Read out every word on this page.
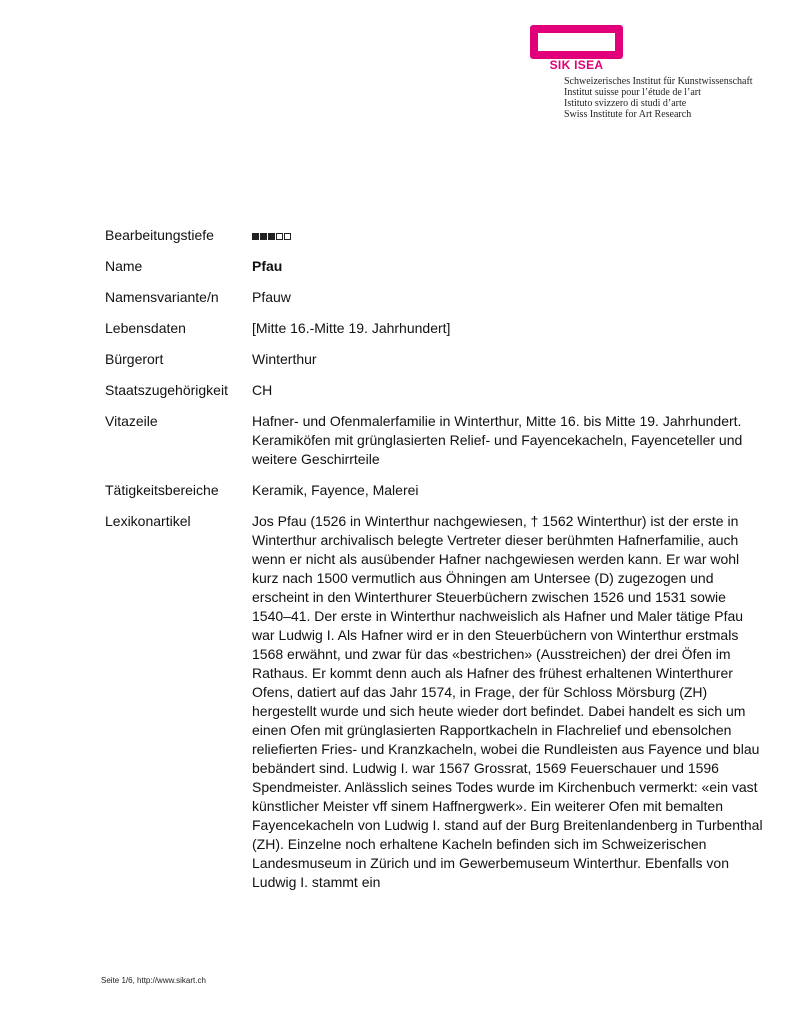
SIK ISEA
Schweizerisches Institut für Kunstwissenschaft
Institut suisse pour l’étude de l’art
Istituto svizzero di studi d’arte
Swiss Institute for Art Research
Bearbeitungstiefe
Name	Pfau
Namensvariante/n	Pfauw
Lebensdaten	[Mitte 16.-Mitte 19. Jahrhundert]
Bürgerort	Winterthur
Staatszugehörigkeit	CH
Vitazeile	Hafner- und Ofenmalerfamilie in Winterthur, Mitte 16. bis Mitte 19. Jahrhundert. Keramiköfen mit grünglasierten Relief- und Fayencekacheln, Fayenceteller und weitere Geschirrteile
Tätigkeitsbereiche	Keramik, Fayence, Malerei
Lexikonartikel	Jos Pfau (1526 in Winterthur nachgewiesen, † 1562 Winterthur) ist der erste in Winterthur archivalisch belegte Vertreter dieser berühmten Hafnerfamilie, auch wenn er nicht als ausübender Hafner nachgewiesen werden kann. Er war wohl kurz nach 1500 vermutlich aus Öhningen am Untersee (D) zugezogen und erscheint in den Winterthurer Steuerbüchern zwischen 1526 und 1531 sowie 1540–41. Der erste in Winterthur nachweislich als Hafner und Maler tätige Pfau war Ludwig I. Als Hafner wird er in den Steuerbüchern von Winterthur erstmals 1568 erwähnt, und zwar für das «bestrichen» (Ausstreichen) der drei Öfen im Rathaus. Er kommt denn auch als Hafner des frühest erhaltenen Winterthurer Ofens, datiert auf das Jahr 1574, in Frage, der für Schloss Mörsburg (ZH) hergestellt wurde und sich heute wieder dort befindet. Dabei handelt es sich um einen Ofen mit grünglasierten Rapportkacheln in Flachrelief und ebensolchen reliefierten Fries- und Kranzkacheln, wobei die Rundleisten aus Fayence und blau bebändert sind. Ludwig I. war 1567 Grossrat, 1569 Feuerschauer und 1596 Spendmeister. Anlässlich seines Todes wurde im Kirchenbuch vermerkt: «ein vast künstlicher Meister vff sinem Haffnergwerk». Ein weiterer Ofen mit bemalten Fayencekacheln von Ludwig I. stand auf der Burg Breitenlandenberg in Turbenthal (ZH). Einzelne noch erhaltene Kacheln befinden sich im Schweizerischen Landesmuseum in Zürich und im Gewerbemuseum Winterthur. Ebenfalls von Ludwig I. stammt ein
Seite 1/6, http://www.sikart.ch
